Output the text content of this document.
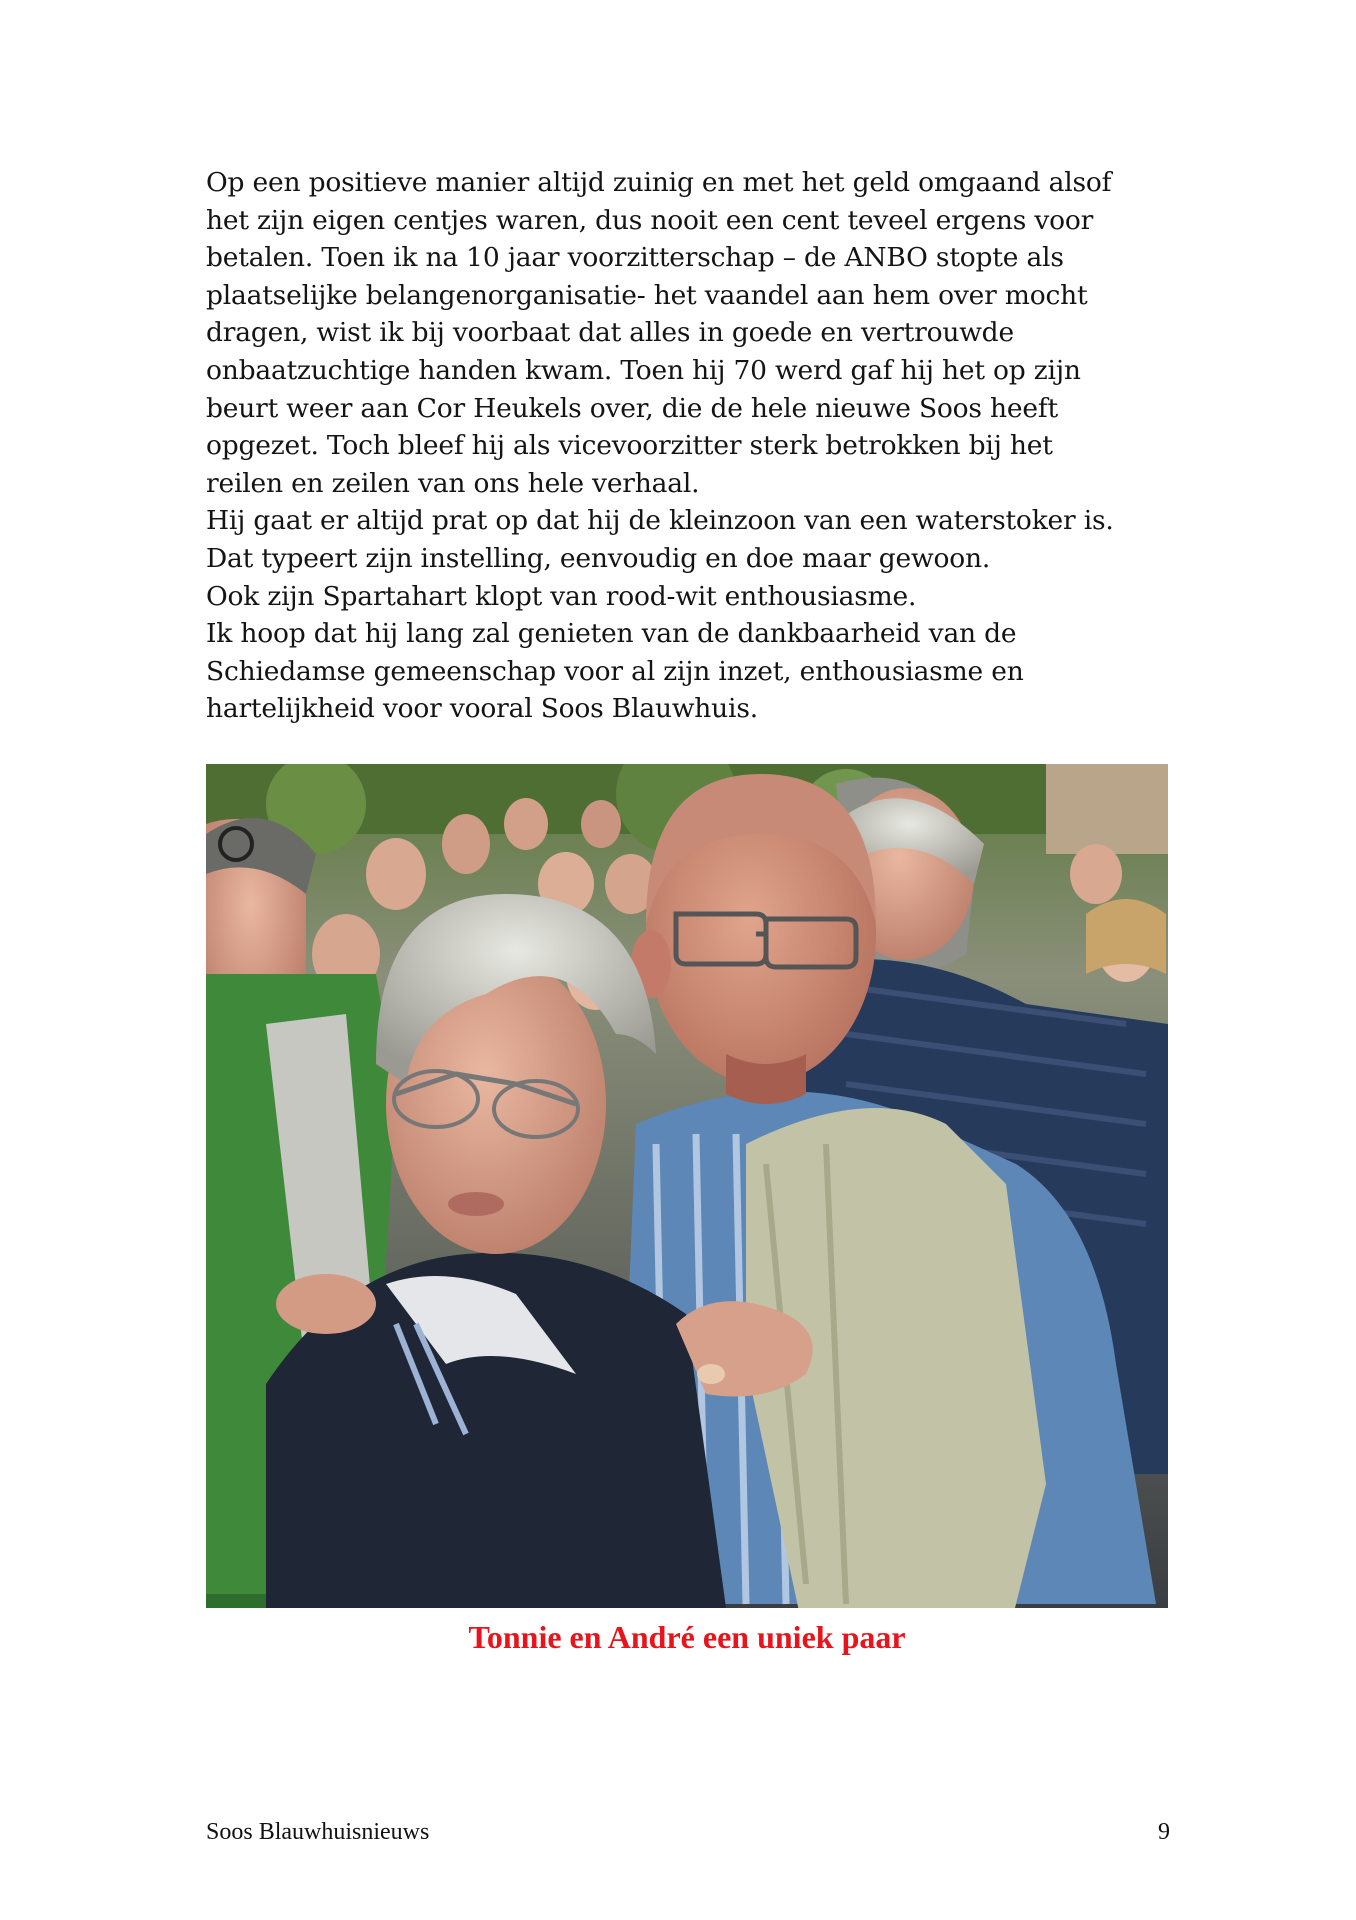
Op een positieve manier altijd zuinig en met het geld omgaand alsof
het zijn eigen centjes waren, dus nooit een cent teveel ergens voor
betalen. Toen ik na 10 jaar voorzitterschap – de ANBO stopte als
plaatselijke belangenorganisatie- het vaandel aan hem over mocht
dragen, wist ik bij voorbaat dat alles in goede en vertrouwde
onbaatzuchtige handen kwam. Toen hij 70 werd gaf hij het op zijn
beurt weer aan Cor Heukels over, die de hele nieuwe Soos heeft
opgezet. Toch bleef hij als vicevoorzitter sterk betrokken bij het
reilen en zeilen van ons hele verhaal.
Hij gaat er altijd prat op dat hij de kleinzoon van een waterstoker is.
Dat typeert zijn instelling, eenvoudig en doe maar gewoon.
Ook zijn Spartahart klopt van rood-wit enthousiasme.
Ik hoop dat hij lang zal genieten van de dankbaarheid van de
Schiedamse gemeenschap voor al zijn inzet, enthousiasme en
hartelijkheid voor vooral Soos Blauwhuis.

Tonnie en André een uniek paar

Soos Blauwhuisnieuws	9
